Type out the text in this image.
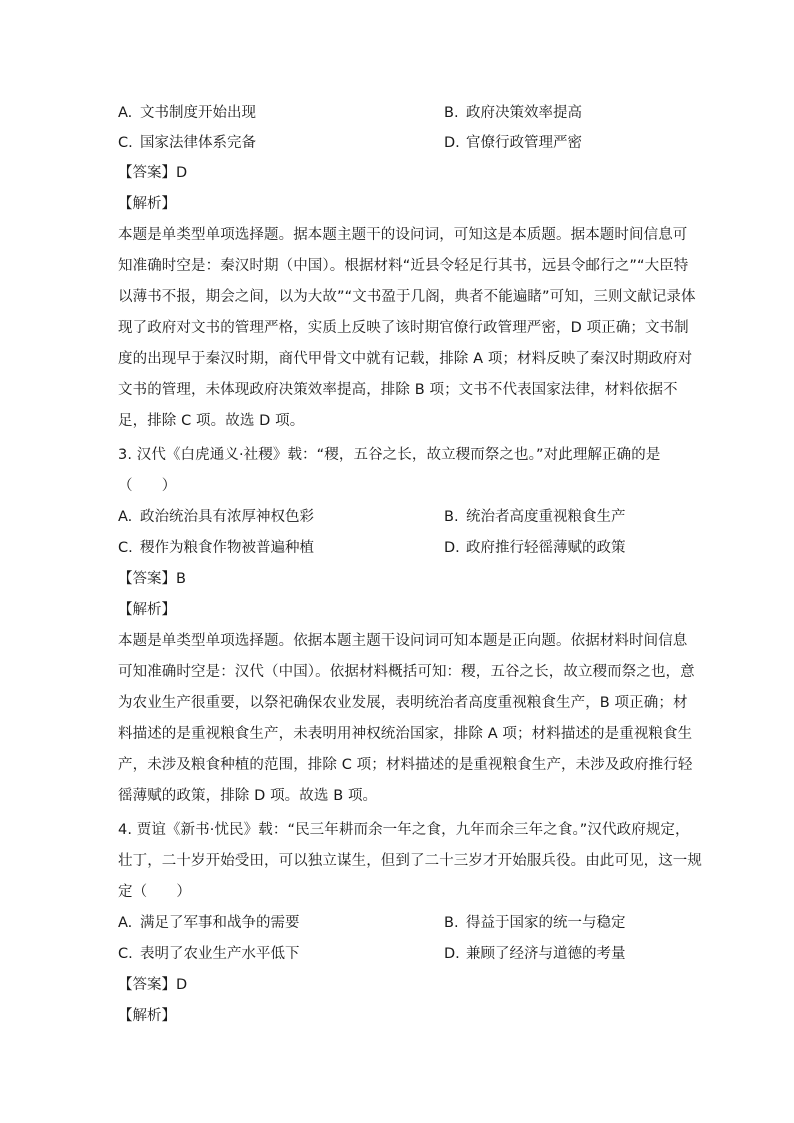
A. 文书制度开始出现	B. 政府决策效率提高
C. 国家法律体系完备	D. 官僚行政管理严密
【答案】D
【解析】
本题是单类型单项选择题。据本题主题干的设问词，可知这是本质题。据本题时间信息可
知准确时空是：秦汉时期（中国）。根据材料“近县令轻足行其书，远县令邮行之”“大臣特
以薄书不报，期会之间，以为大故”“文书盈于几阁，典者不能遍睹”可知，三则文献记录体
现了政府对文书的管理严格，实质上反映了该时期官僚行政管理严密，D 项正确；文书制
度的出现早于秦汉时期，商代甲骨文中就有记载，排除 A 项；材料反映了秦汉时期政府对
文书的管理，未体现政府决策效率提高，排除 B 项；文书不代表国家法律，材料依据不
足，排除 C 项。故选 D 项。
3. 汉代《白虎通义·社稷》载：“稷，五谷之长，故立稷而祭之也。”对此理解正确的是
（　　）
A. 政治统治具有浓厚神权色彩	B. 统治者高度重视粮食生产
C. 稷作为粮食作物被普遍种植	D. 政府推行轻徭薄赋的政策
【答案】B
【解析】
本题是单类型单项选择题。依据本题主题干设问词可知本题是正向题。依据材料时间信息
可知准确时空是：汉代（中国）。依据材料概括可知：稷，五谷之长，故立稷而祭之也，意
为农业生产很重要，以祭祀确保农业发展，表明统治者高度重视粮食生产，B 项正确；材
料描述的是重视粮食生产，未表明用神权统治国家，排除 A 项；材料描述的是重视粮食生
产，未涉及粮食种植的范围，排除 C 项；材料描述的是重视粮食生产，未涉及政府推行轻
徭薄赋的政策，排除 D 项。故选 B 项。
4. 贾谊《新书·忧民》载：“民三年耕而余一年之食，九年而余三年之食。”汉代政府规定，
壮丁，二十岁开始受田，可以独立谋生，但到了二十三岁才开始服兵役。由此可见，这一规
定（　　）
A. 满足了军事和战争的需要	B. 得益于国家的统一与稳定
C. 表明了农业生产水平低下	D. 兼顾了经济与道德的考量
【答案】D
【解析】
